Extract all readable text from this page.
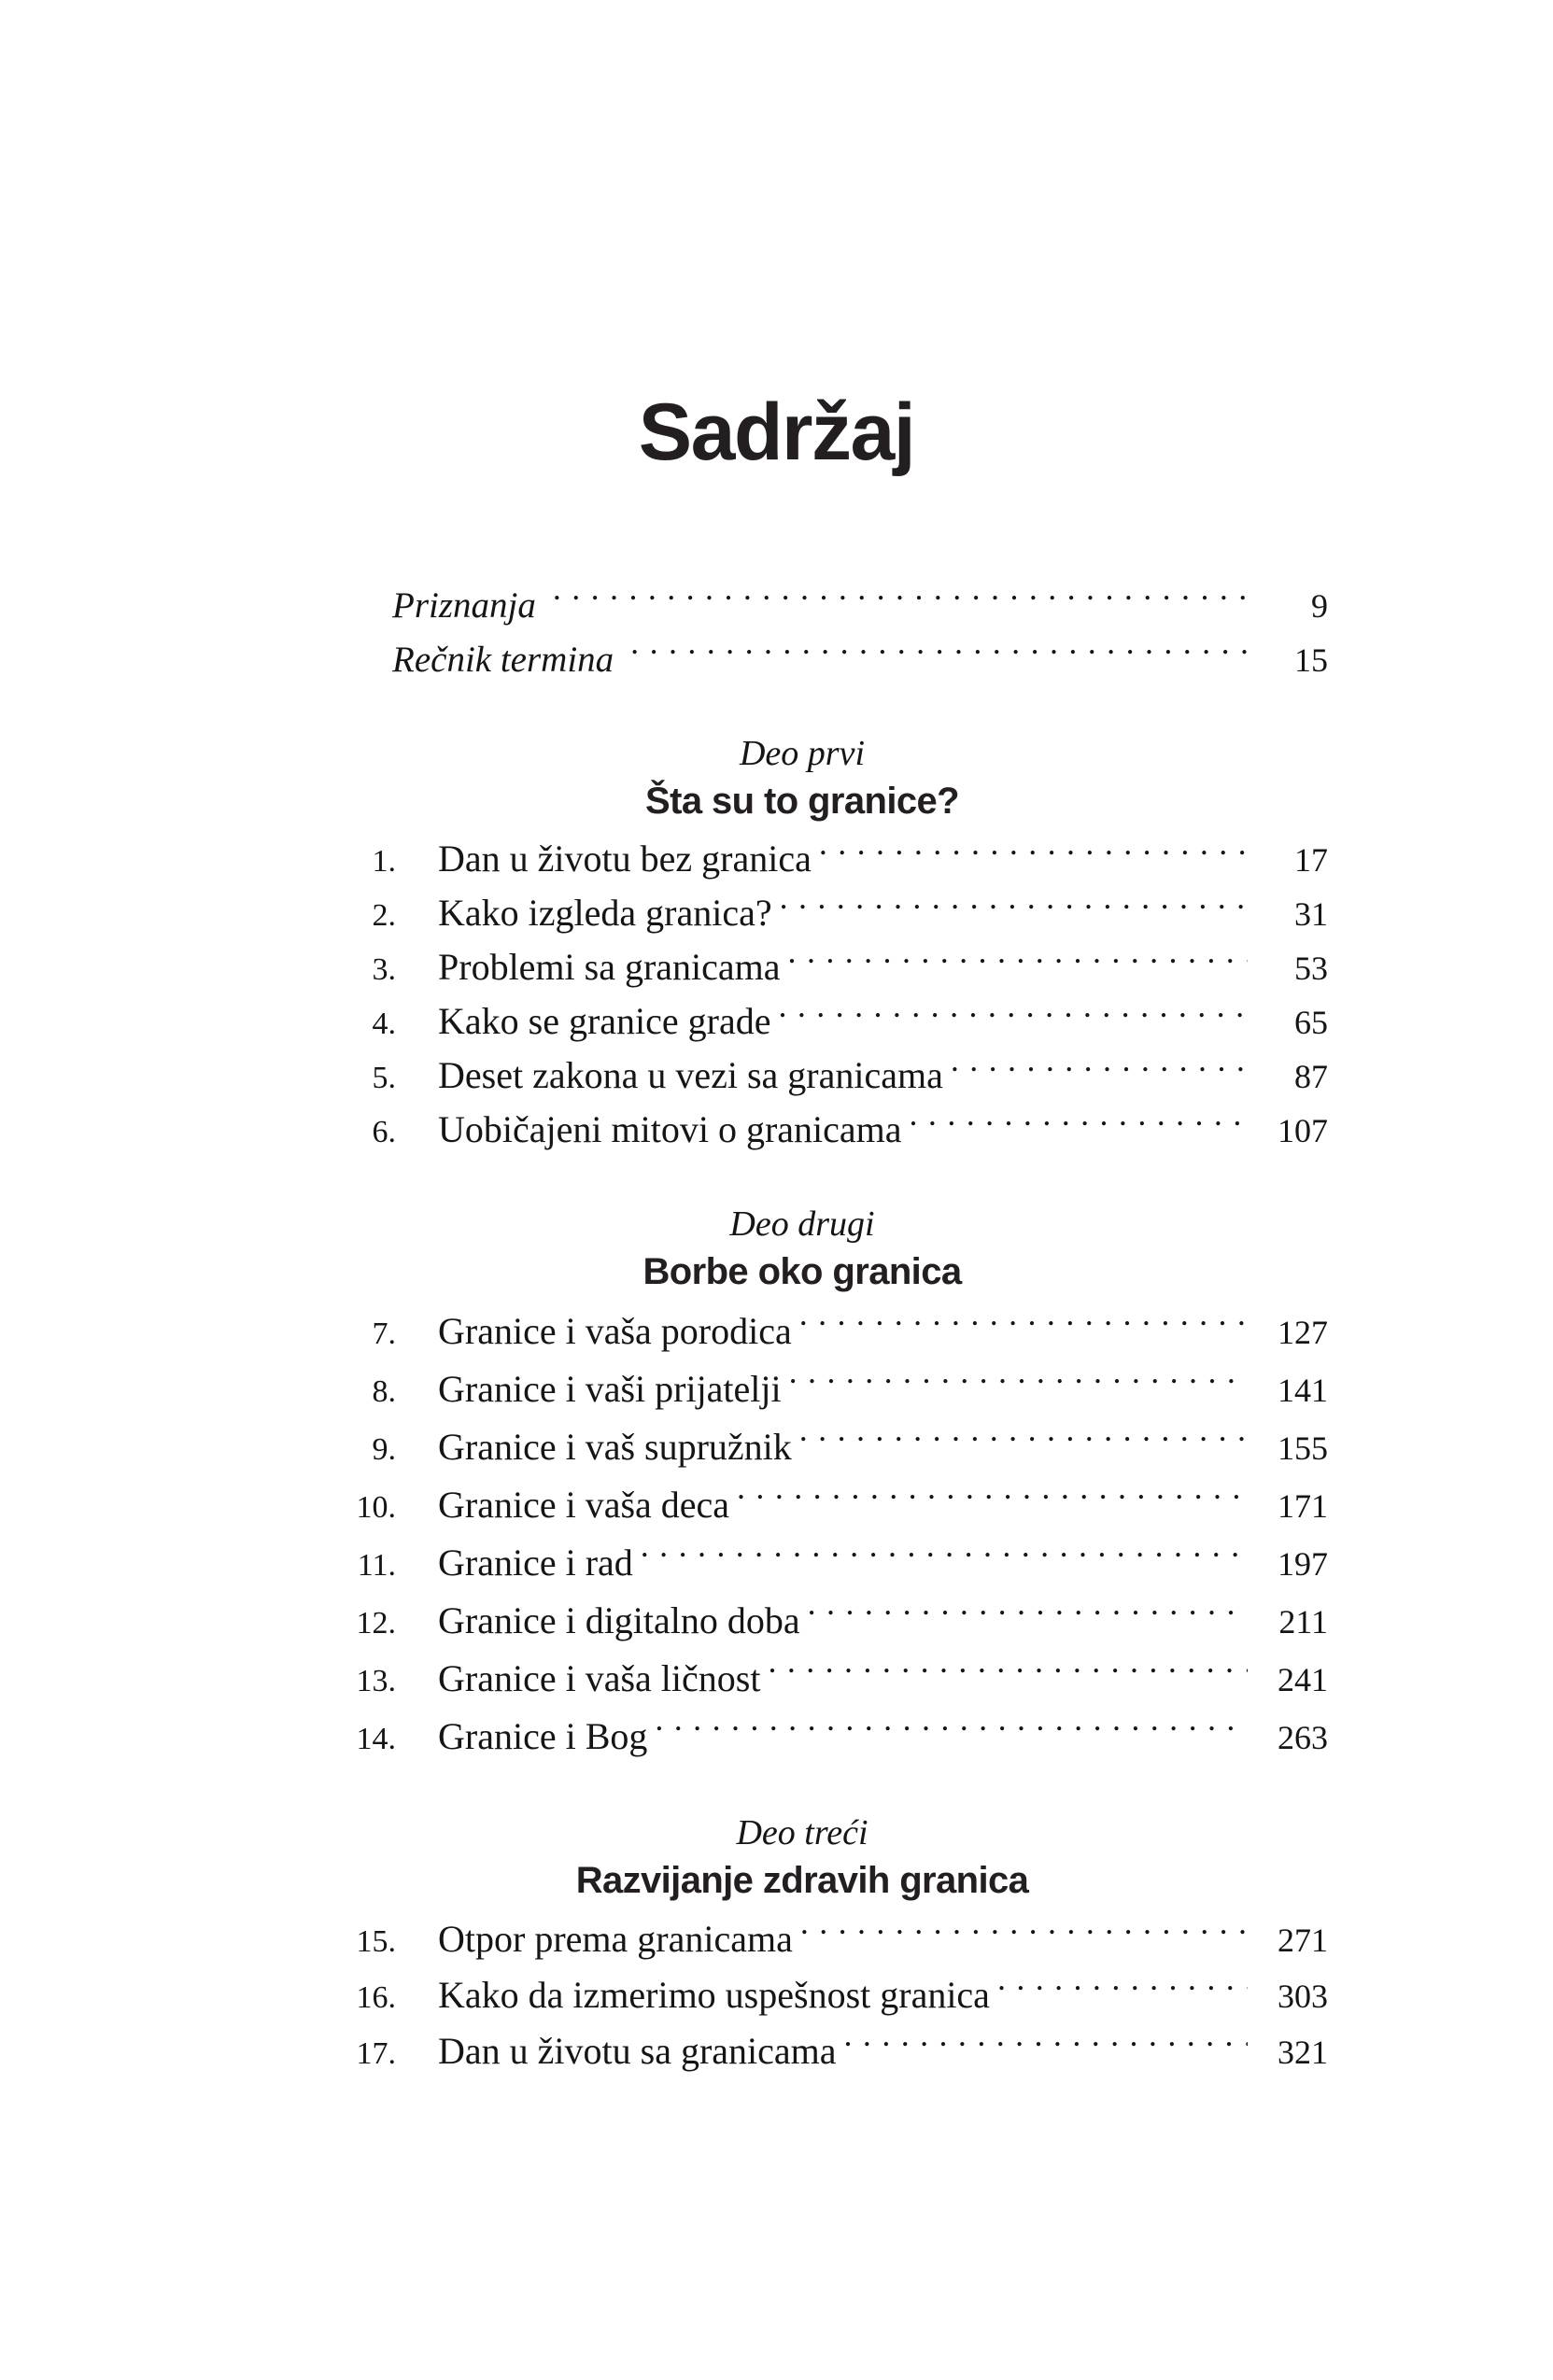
Sadržaj
Priznanja . . .	9
Rečnik termina . . .	15
Deo prvi
Šta su to granice?
1.	Dan u životu bez granica . . .	17
2.	Kako izgleda granica? . . .	31
3.	Problemi sa granicama . . .	53
4.	Kako se granice grade . . .	65
5.	Deset zakona u vezi sa granicama . . .	87
6.	Uobičajeni mitovi o granicama . . .	107
Deo drugi
Borbe oko granica
7.	Granice i vaša porodica . . .	127
8.	Granice i vaši prijatelji . . .	141
9.	Granice i vaš supružnik . . .	155
10.	Granice i vaša deca . . .	171
11.	Granice i rad . . .	197
12.	Granice i digitalno doba . . .	211
13.	Granice i vaša ličnost . . .	241
14.	Granice i Bog . . .	263
Deo treći
Razvijanje zdravih granica
15.	Otpor prema granicama . . .	271
16.	Kako da izmerimo uspešnost granica . . .	303
17.	Dan u životu sa granicama . . .	321
